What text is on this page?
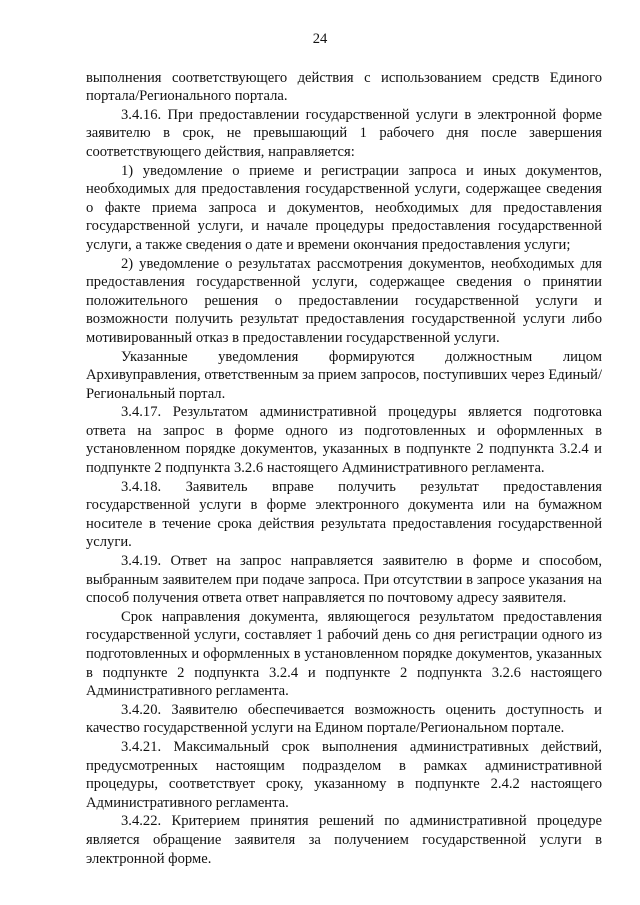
24

выполнения соответствующего действия с использованием средств Единого портала/Регионального портала.

3.4.16. При предоставлении государственной услуги в электронной форме заявителю в срок, не превышающий 1 рабочего дня после завершения соответствующего действия, направляется:

1) уведомление о приеме и регистрации запроса и иных документов, необходимых для предоставления государственной услуги, содержащее сведения о факте приема запроса и документов, необходимых для предоставления государственной услуги, и начале процедуры предоставления государственной услуги, а также сведения о дате и времени окончания предоставления услуги;

2) уведомление о результатах рассмотрения документов, необходимых для предоставления государственной услуги, содержащее сведения о принятии положительного решения о предоставлении государственной услуги и возможности получить результат предоставления государственной услуги либо мотивированный отказ в предоставлении государственной услуги.

Указанные уведомления формируются должностным лицом Архивуправления, ответственным за прием запросов, поступивших через Единый/Региональный портал.

3.4.17. Результатом административной процедуры является подготовка ответа на запрос в форме одного из подготовленных и оформленных в установленном порядке документов, указанных в подпункте 2 подпункта 3.2.4 и подпункте 2 подпункта 3.2.6 настоящего Административного регламента.

3.4.18. Заявитель вправе получить результат предоставления государственной услуги в форме электронного документа или на бумажном носителе в течение срока действия результата предоставления государственной услуги.

3.4.19. Ответ на запрос направляется заявителю в форме и способом, выбранным заявителем при подаче запроса. При отсутствии в запросе указания на способ получения ответа ответ направляется по почтовому адресу заявителя.

Срок направления документа, являющегося результатом предоставления государственной услуги, составляет 1 рабочий день со дня регистрации одного из подготовленных и оформленных в установленном порядке документов, указанных в подпункте 2 подпункта 3.2.4 и подпункте 2 подпункта 3.2.6 настоящего Административного регламента.

3.4.20. Заявителю обеспечивается возможность оценить доступность и качество государственной услуги на Едином портале/Региональном портале.

3.4.21. Максимальный срок выполнения административных действий, предусмотренных настоящим подразделом в рамках административной процедуры, соответствует сроку, указанному в подпункте 2.4.2 настоящего Административного регламента.

3.4.22. Критерием принятия решений по административной процедуре является обращение заявителя за получением государственной услуги в электронной форме.
